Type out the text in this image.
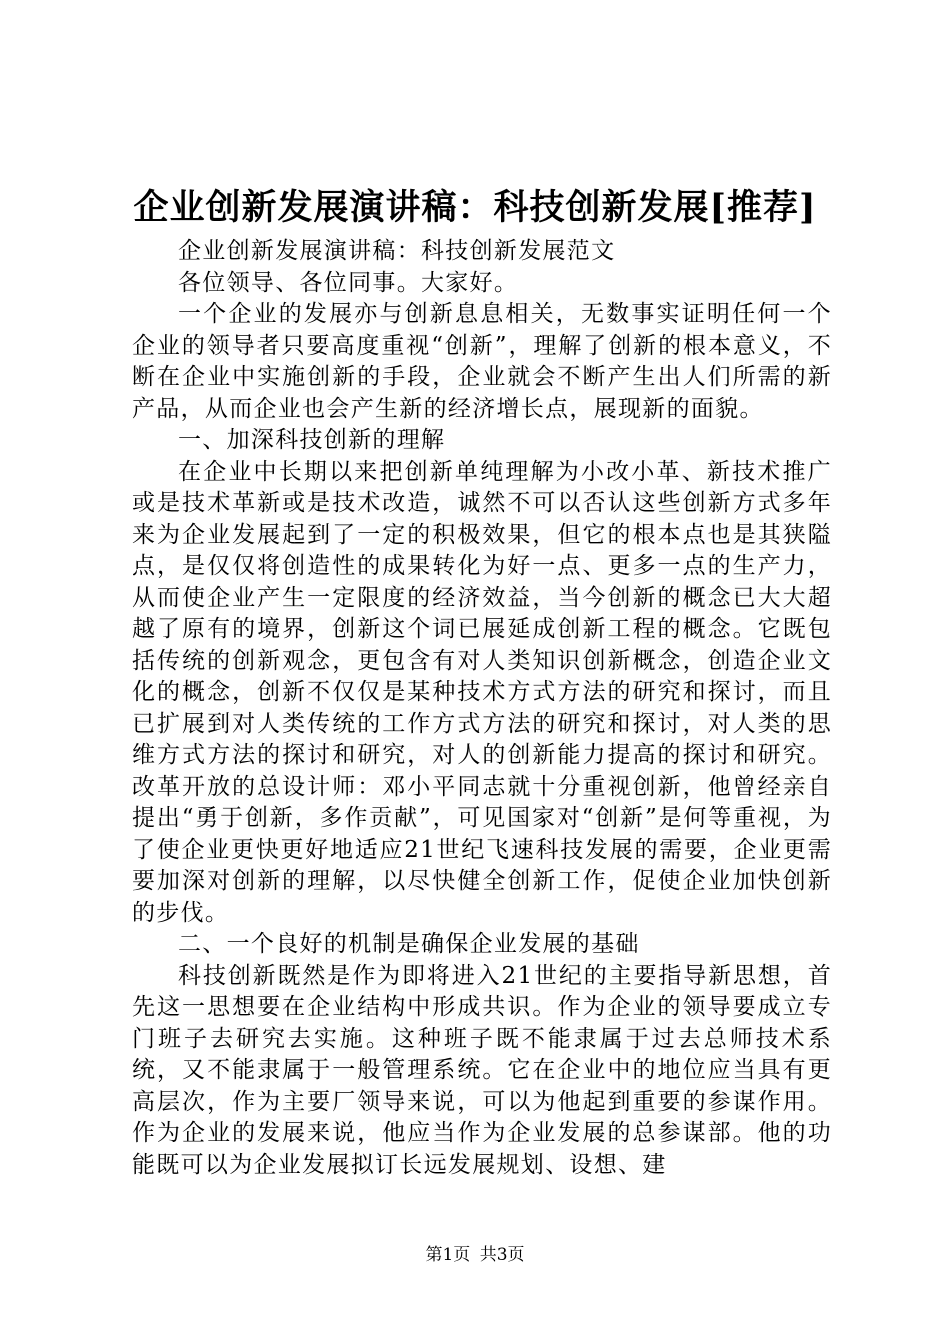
企业创新发展演讲稿：科技创新发展[推荐]

企业创新发展演讲稿：科技创新发展范文

各位领导、各位同事。大家好。

一个企业的发展亦与创新息息相关，无数事实证明任何一个企业的领导者只要高度重视“创新”，理解了创新的根本意义，不断在企业中实施创新的手段，企业就会不断产生出人们所需的新产品，从而企业也会产生新的经济增长点，展现新的面貌。

一、加深科技创新的理解

在企业中长期以来把创新单纯理解为小改小革、新技术推广或是技术革新或是技术改造，诚然不可以否认这些创新方式多年来为企业发展起到了一定的积极效果，但它的根本点也是其狭隘点，是仅仅将创造性的成果转化为好一点、更多一点的生产力，从而使企业产生一定限度的经济效益，当今创新的概念已大大超越了原有的境界，创新这个词已展延成创新工程的概念。它既包括传统的创新观念，更包含有对人类知识创新概念，创造企业文化的概念，创新不仅仅是某种技术方式方法的研究和探讨，而且已扩展到对人类传统的工作方式方法的研究和探讨，对人类的思维方式方法的探讨和研究，对人的创新能力提高的探讨和研究。改革开放的总设计师：邓小平同志就十分重视创新，他曾经亲自提出“勇于创新，多作贡献”，可见国家对“创新”是何等重视，为了使企业更快更好地适应21世纪飞速科技发展的需要，企业更需要加深对创新的理解，以尽快健全创新工作，促使企业加快创新的步伐。

二、一个良好的机制是确保企业发展的基础

科技创新既然是作为即将进入21世纪的主要指导新思想，首先这一思想要在企业结构中形成共识。作为企业的领导要成立专门班子去研究去实施。这种班子既不能隶属于过去总师技术系统，又不能隶属于一般管理系统。它在企业中的地位应当具有更高层次，作为主要厂领导来说，可以为他起到重要的参谋作用。作为企业的发展来说，他应当作为企业发展的总参谋部。他的功能既可以为企业发展拟订长远发展规划、设想、建

第1页 共3页
